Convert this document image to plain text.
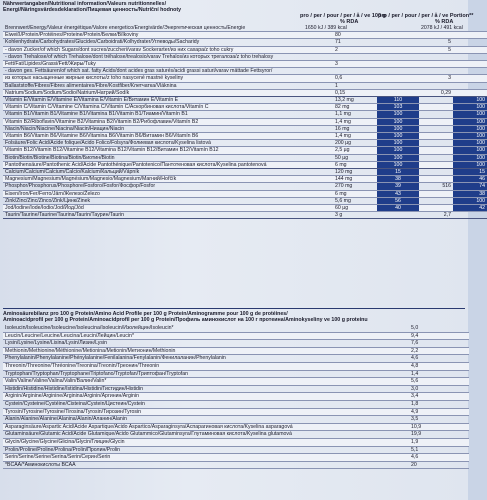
Nährwertangaben/Nutritional information/Valeurs nutritionnelles/
Energi/Näringsvärdesdeklaration/Пищевая ценность/Nutriční hodnoty
pro / per / pour / per / å / ve 100 g
% RDA
pro / per / pour / per / å / ve Portion**
% RDA
Brennwert/Energy/Valeur énergétique/Valore energetico/Energivärde/Энергетическая ценность/Energie	1650 kJ / 389 kcal			2078 kJ / 491 kcal	
Eiweiß/Protein/Protéines/Proteine/Protein/Белки/Bílkoviny		80			
Kohlenhydrate/Carbohydrates/Glucides/Carboidrati/Kolhydrater/Углеводы/Sacharidy		71		5	
- davon Zucker/of which Sugars/dont sucres/zuccheri/varav Sockerarter/из них сахара/z toho cukry		2		5	
- davon Trehalose/of which Trehalose/dont tréhalose/trealosio/varav Trehalos/из которых трегалоза/z toho trehalosy					
Fett/Fat/Lipides/Grassi/Fett/Жиры/Tuky		3			
- davon ges. Fettsäuren/of which sat. fatty Acids/dont acides gras saturés/acidi grassi saturi/varav mättade Fettsyror/					
из которых насыщенные жирные кислоты/z toho nasycené mastné kyseliny		0,6		3	
Ballaststoffe/Fibres/Fibres alimentaires/Fibre/Kostfiber/Клетчатка/Vláknina		1			
Natrium/Sodium/Sodium/Sodio/Natrium/Натрий/Sodík		0,15		0,29	
Vitamin E/Vitamin E/Vitamine E/Vitamina E/Vitamin E/Витамин E/Vitamín E		13,2 mg	110		100
Vitamin C/Vitamin C/Vitamine C/Vitamina C/Vitamin C/Аскорбиновая кислота/Vitamín C		82 mg	103		100
Vitamin B1/Vitamin B1/Vitamine B1/Vitamina B1/Vitamin B1/Тиамин/Vitamín B1		1,1 mg	100		100
Vitamin B2/Riboflavin/Vitamine B2/Vitamina B2/Vitamin B2/Рибофлавин/Vitamín B2		1,4 mg	100		100
Niacin/Niacin/Niacine/Niacina/Niacin/Ниацин/Niacin		16 mg	100		100
Vitamin B6/Vitamin B6/Vitamine B6/Vitamina B6/Vitamin B6/Витамин B6/Vitamín B6		1,4 mg	100		100
Folsäure/Folic Acid/Acide folique/Acido Folico/Folsyra/Фолиевая кислота/Kyselina listová		200 µg	100		100
Vitamin B12/Vitamin B12/Vitamine B12/Vitamina B12/Vitamin B12/Витамин B12/Vitamín B12		2,5 µg	100		100
Biotin/Biotin/Biotine/Biotina/Biotin/Биотин/Biotin		50 µg	100		100
Pantothensäure/Pantothenic Acid/Acide Pantothénique/Pantotenico/Пантотеновая кислота/Kyselina pantotenová		6 mg	100		100
Calcium/Calcium/Calcium/Calcio/Kalcium/Кальций/Vápník		120 mg	15		15
Magnesium/Magnesium/Magnésium/Magnesio/Magnesium/Магний/Hořčík		144 mg	38		46
Phosphor/Phosphorus/Phosphore/Fosforo/Fosfor/Фосфор/Fosfor		270 mg	39	516	74
Eisen/Iron/Fer/Ferro/Järn/Железо/Železo		6 mg	43		38
Zink/Zinc/Zinc/Zinco/Zink/Цинк/Zinek		5,6 mg	56		100
Jod/Iodine/Iode/Iodio/Jod/Йод/Jód		60 µg	40		42
Taurin/Taurine/Taurine/Taurina/Taurin/Таурин/Taurin		3 g		2,7	
Aminosäurebilanz pro 100 g Protein/Amino Acid Profile per 100 g Protein/Aminogramme pour 100 g de protéines/
Aminoacidprofil per 100 g Protein/Aminoacidprofil per 100 g Protein/Профиль аминокислот на 100 г протеина/Aminokyseliny ve 100 g proteinu
Isoleucin/Isoleucine/Isoleucine/Isoleucina/Isoleucin/Изолейцин/Isoleucin*	5,0
Leucin/Leucine/Leucine/Leucina/Leucin/Лейцин/Leucin*	9,4
Lysin/Lysine/Lysine/Lisina/Lysin/Лизин/Lysin	7,6
Methionin/Methionine/Méthionine/Metionina/Metionin/Метионин/Methionin	2,2
Phenylalanin/Phenylalanine/Phénylalanine/Fenilalanina/Fenylalanin/Фенилаланин/Phenylalanin	4,6
Threonin/Threonine/Thréonine/Treonina/Treonin/Треонин/Threonin	4,8
Tryptophan/Tryptophan/Tryptophane/Triptofano/Tryptofan/Триптофан/Tryptofan	1,4
Valin/Valine/Valine/Valina/Valin/Валин/Valin*	5,6
Histidin/Histidine/Histidine/Istidina/Histidin/Гистидин/Histidin	3,0
Arginin/Arginine/Arginine/Arginina/Arginin/Аргинин/Arginin	3,4
Cystein/Cysteine/Cystéine/Cisteina/Cystein/Цистеин/Cystein	1,8
Tyrosin/Tyrosine/Tyrosine/Tirosina/Tyrosin/Тирозин/Tyrosin	4,9
Alanin/Alanine/Alanine/Alanina/Alanin/Аланин/Alanin	3,5
Asparaginsäure/Aspartic Acid/Acide Aspartique/Acido Aspartico/Asparaginsyra/Аспарагиновая кислота/Kyselina asparagová	10,9
Glutaminsäure/Glutamic Acid/Acide Glutamique/Acido Glutammico/Glutaminsyra/Глутаминовая кислота/Kyselina glutamová	19,9
Glycin/Glycine/Glycine/Glicina/Glycin/Глицин/Glycin	1,9
Prolin/Proline/Proline/Prolina/Prolin/Пролин/Prolin	5,1
Serin/Serine/Serine/Serina/Serin/Серин/Serin	4,6
*BCAA/*Аминокислоты BCAA	20
